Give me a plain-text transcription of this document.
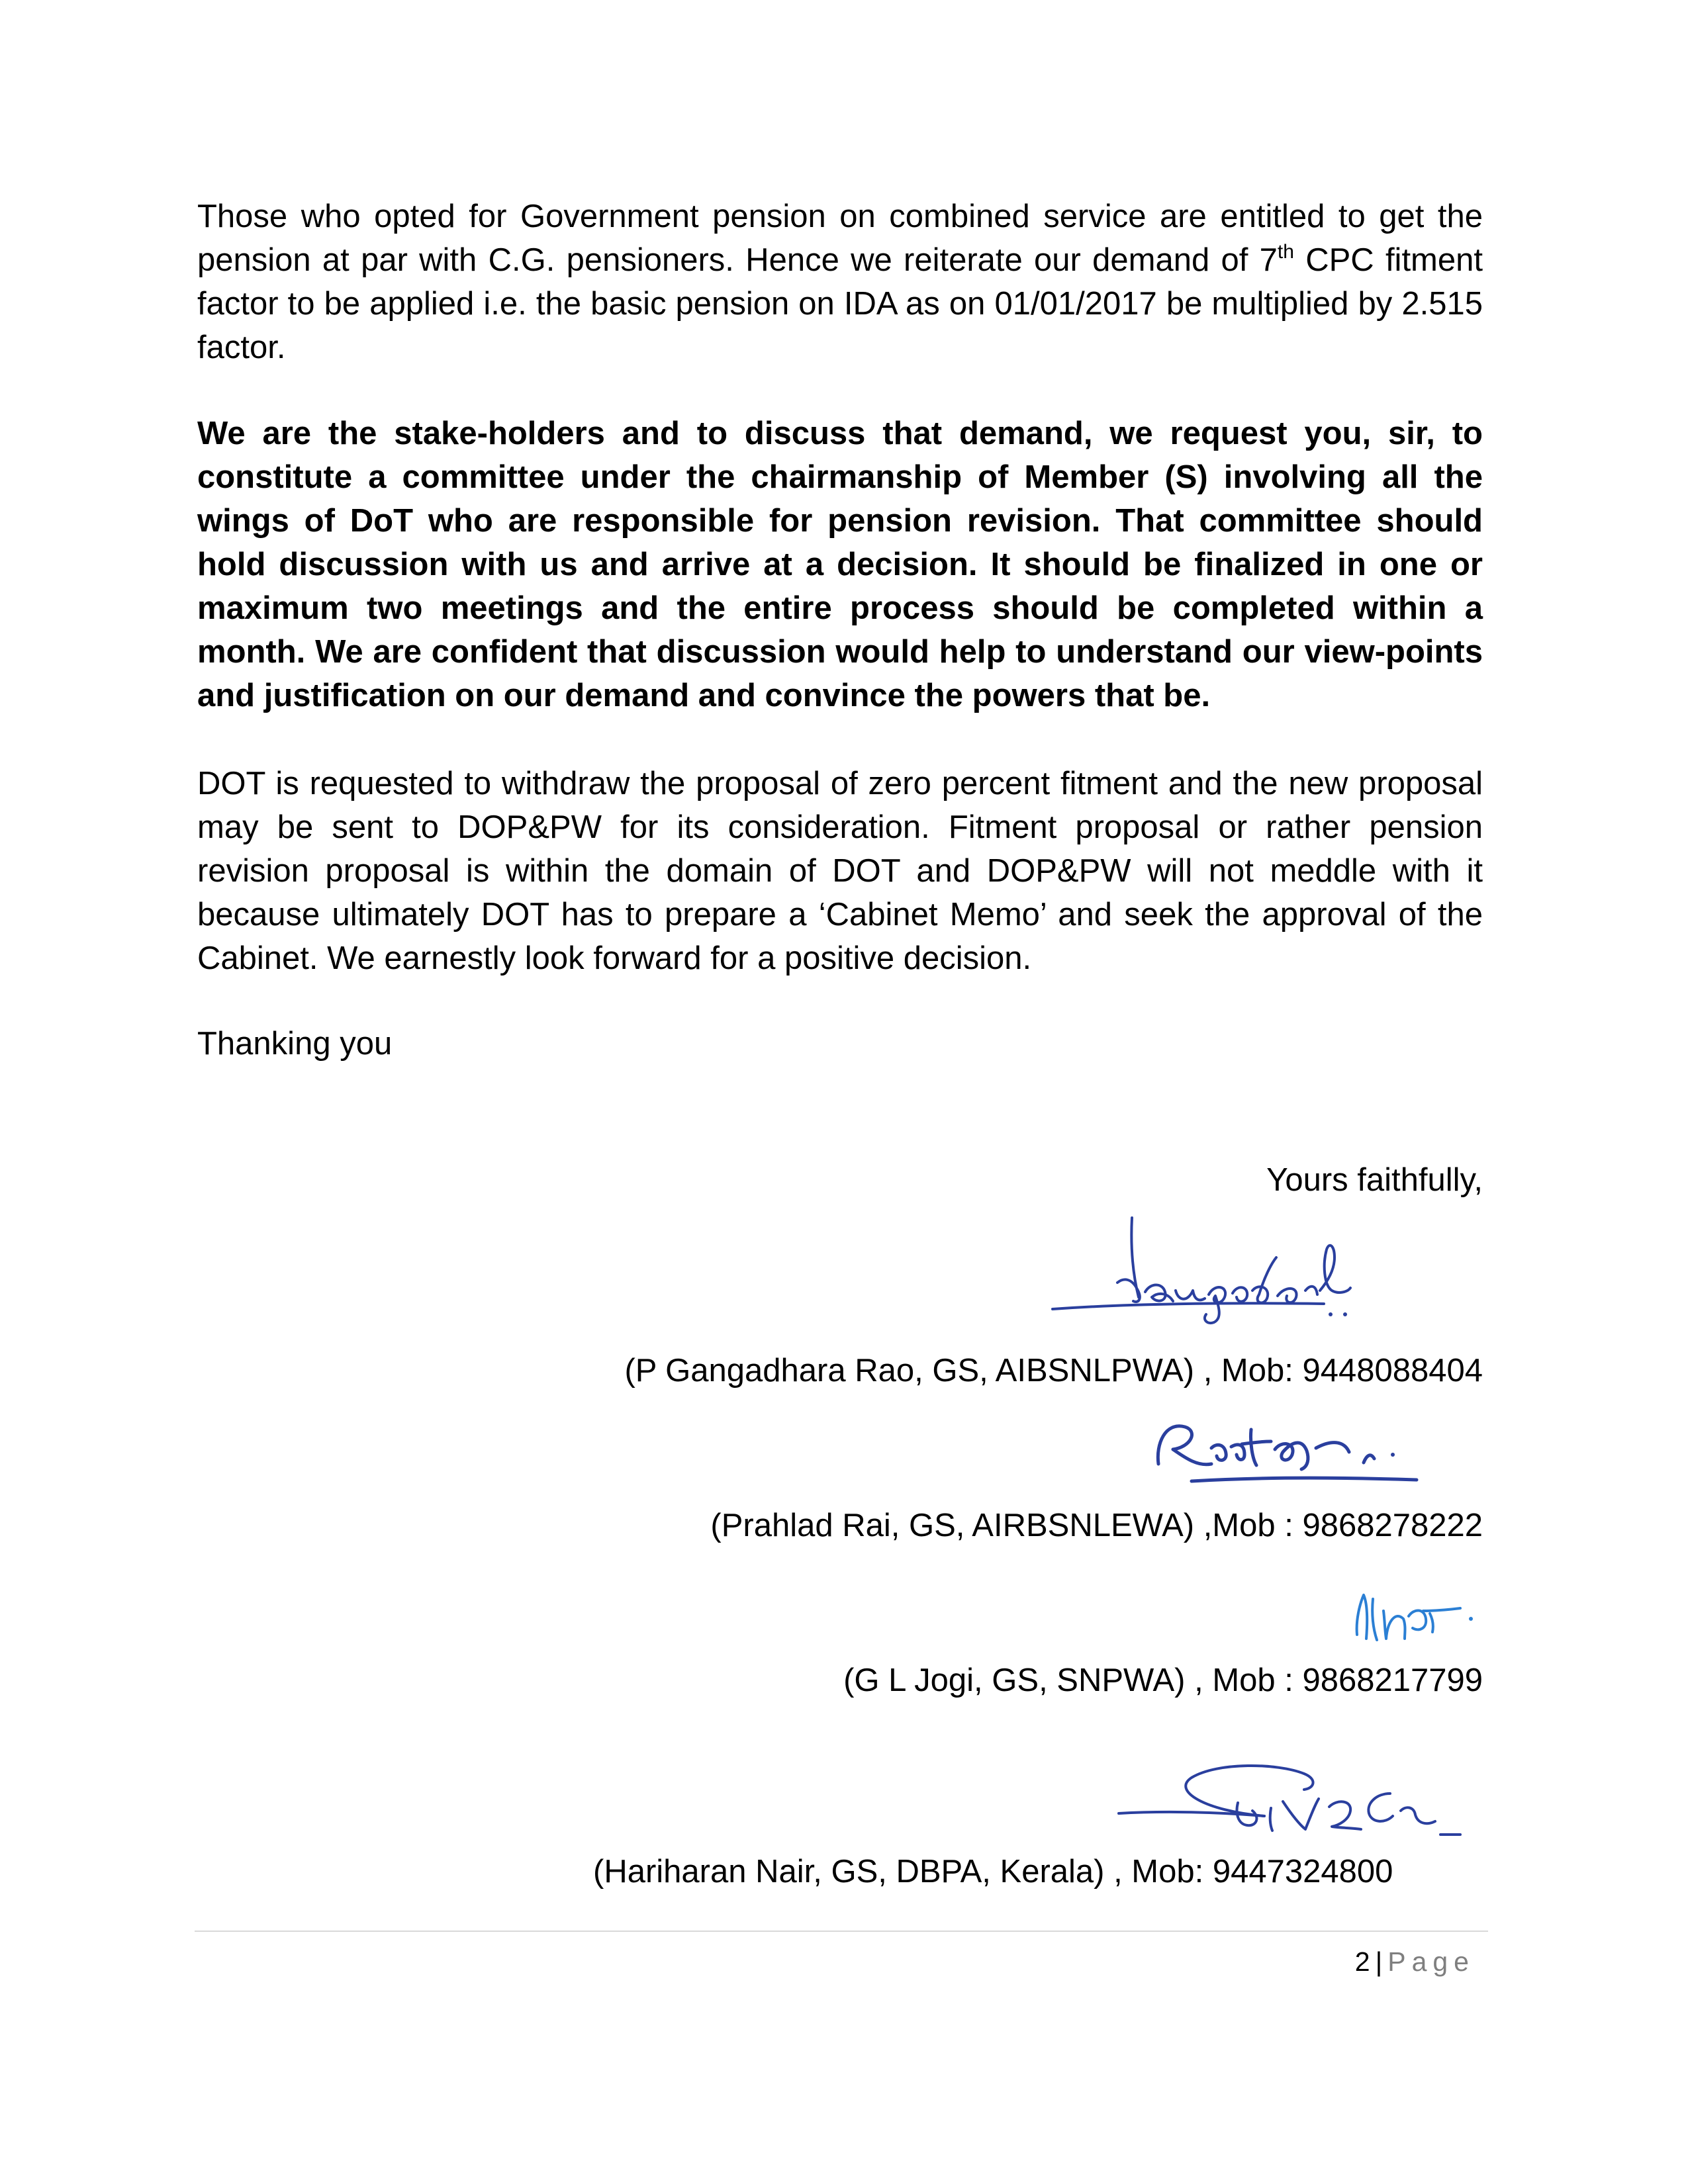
Those who opted for Government pension on combined service are entitled to get the pension at par with C.G. pensioners. Hence we reiterate our demand of 7th CPC fitment factor to be applied i.e. the basic pension on IDA as on 01/01/2017 be multiplied by 2.515 factor.

We are the stake-holders and to discuss that demand, we request you, sir, to constitute a committee under the chairmanship of Member (S) involving all the wings of DoT who are responsible for pension revision. That committee should hold discussion with us and arrive at a decision. It should be finalized in one or maximum two meetings and the entire process should be completed within a month. We are confident that discussion would help to understand our view-points and justification on our demand and convince the powers that be.

DOT is requested to withdraw the proposal of zero percent fitment and the new proposal may be sent to DOP&PW for its consideration. Fitment proposal or rather pension revision proposal is within the domain of DOT and DOP&PW will not meddle with it because ultimately DOT has to prepare a ‘Cabinet Memo’ and seek the approval of the Cabinet. We earnestly look forward for a positive decision.

Thanking you

Yours faithfully,

(P Gangadhara Rao, GS, AIBSNLPWA) , Mob: 9448088404

(Prahlad Rai, GS, AIRBSNLEWA) ,Mob : 9868278222

(G L Jogi, GS, SNPWA) , Mob : 9868217799

(Hariharan Nair, GS, DBPA, Kerala) , Mob: 9447324800

2 | Page
